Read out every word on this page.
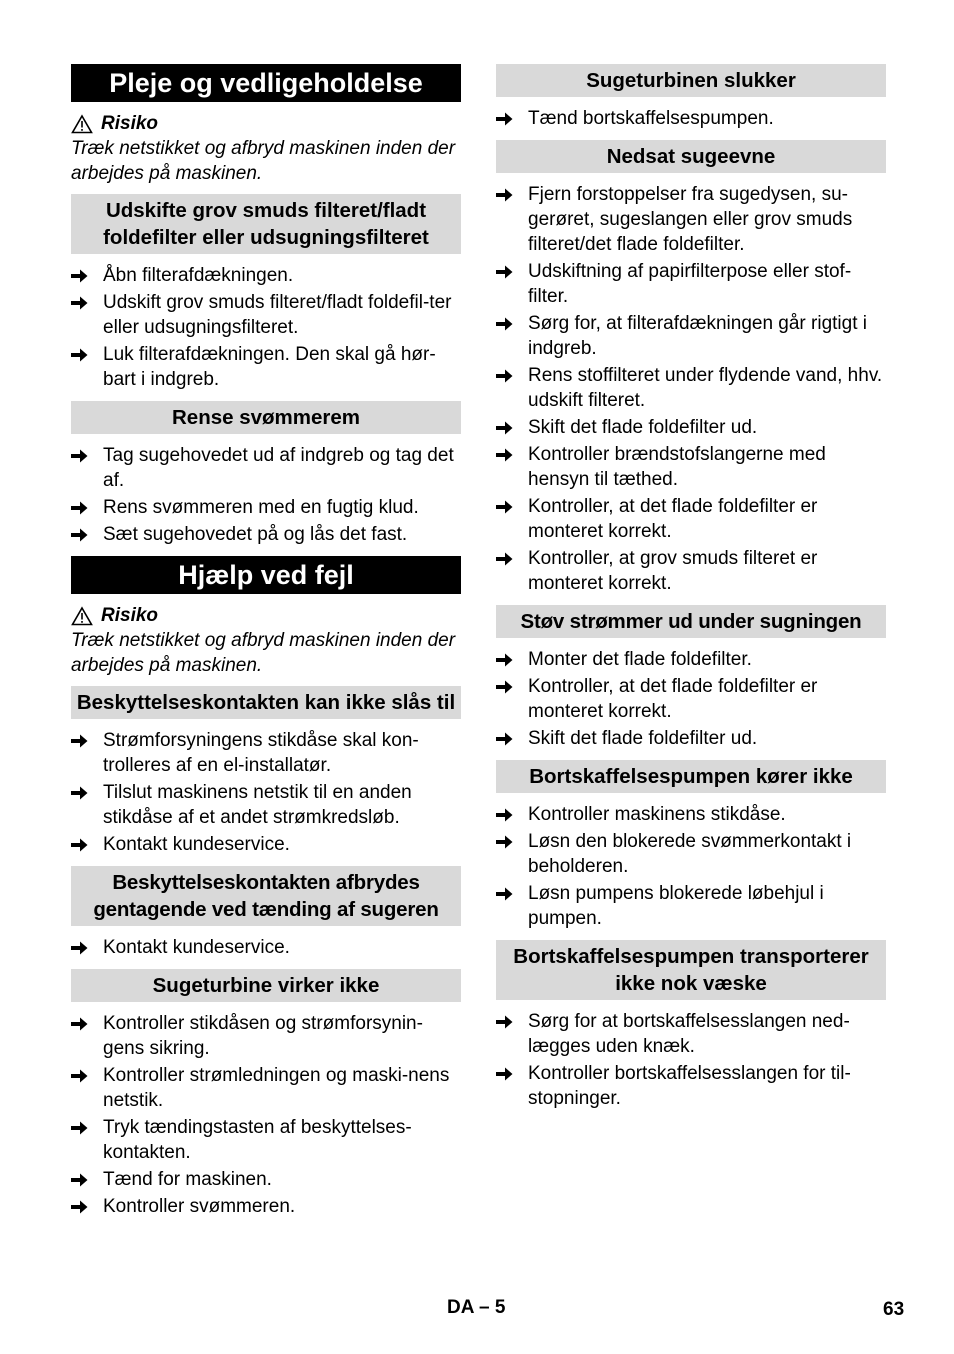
Pleje og vedligeholdelse
Risiko
Træk netstikket og afbryd maskinen inden der arbejdes på maskinen.
Udskifte grov smuds filteret/fladt foldefilter eller udsugningsfilteret
Åbn filterafdækningen.
Udskift grov smuds filteret/fladt foldefil-ter eller udsugningsfilteret.
Luk filterafdækningen. Den skal gå hør-bart i indgreb.
Rense svømmerem
Tag sugehovedet ud af indgreb og tag det af.
Rens svømmeren med en fugtig klud.
Sæt sugehovedet på og lås det fast.
Hjælp ved fejl
Risiko
Træk netstikket og afbryd maskinen inden der arbejdes på maskinen.
Beskyttelseskontakten kan ikke slås til
Strømforsyningens stikdåse skal kon-trolleres af en el-installatør.
Tilslut maskinens netstik til en anden stikdåse af et andet strømkredsløb.
Kontakt kundeservice.
Beskyttelseskontakten afbrydes gentagende ved tænding af sugeren
Kontakt kundeservice.
Sugeturbine virker ikke
Kontroller stikdåsen og strømforsynin-gens sikring.
Kontroller strømledningen og maski-nens netstik.
Tryk tændingstasten af beskyttelses-kontakten.
Tænd for maskinen.
Kontroller svømmeren.
Sugeturbinen slukker
Tænd bortskaffelsespumpen.
Nedsat sugeevne
Fjern forstoppelser fra sugedysen, su-gerøret, sugeslangen eller grov smuds filteret/det flade foldefilter.
Udskiftning af papirfilterpose eller stof-filter.
Sørg for, at filterafdækningen går rigtigt i indgreb.
Rens stoffilteret under flydende vand, hhv. udskift filteret.
Skift det flade foldefilter ud.
Kontroller brændstofslangerne med hensyn til tæthed.
Kontroller, at det flade foldefilter er monteret korrekt.
Kontroller, at grov smuds filteret er monteret korrekt.
Støv strømmer ud under sugningen
Monter det flade foldefilter.
Kontroller, at det flade foldefilter er monteret korrekt.
Skift det flade foldefilter ud.
Bortskaffelsespumpen kører ikke
Kontroller maskinens stikdåse.
Løsn den blokerede svømmerkontakt i beholderen.
Løsn pumpens blokerede løbehjul i pumpen.
Bortskaffelsespumpen transporterer ikke nok væske
Sørg for at bortskaffelsesslangen ned-lægges uden knæk.
Kontroller bortskaffelsesslangen for til-stopninger.
DA – 5	63
